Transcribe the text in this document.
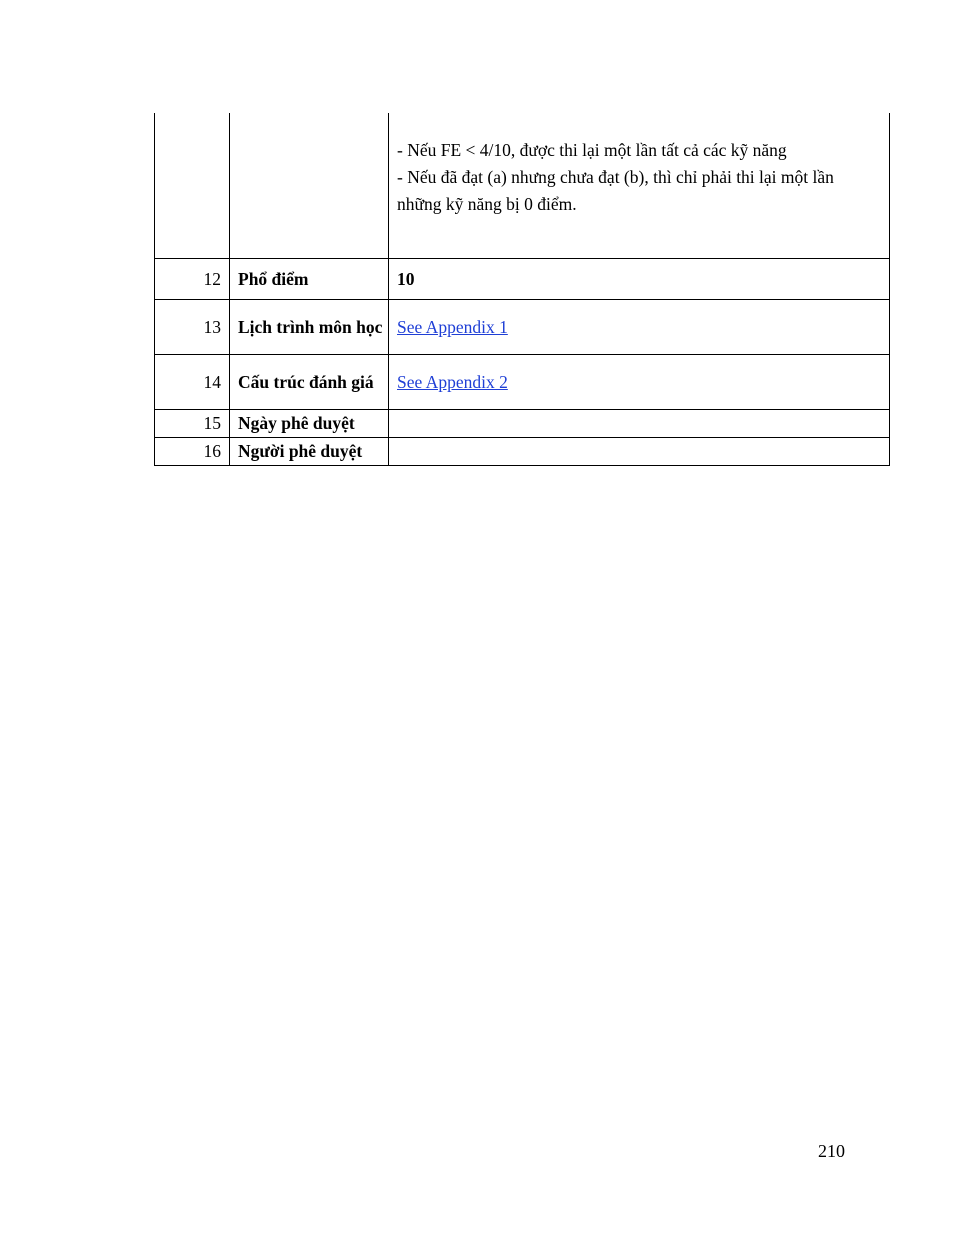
		- Nếu FE < 4/10, được thi lại một lần tất cả các kỹ năng
- Nếu đã đạt (a) nhưng chưa đạt (b), thì chỉ phải thi lại một lần
những kỹ năng bị 0 điểm.

12	Phổ điểm	10
13	Lịch trình môn học	See Appendix 1
14	Cấu trúc đánh giá	See Appendix 2
15	Ngày phê duyệt	
16	Người phê duyệt	
210
